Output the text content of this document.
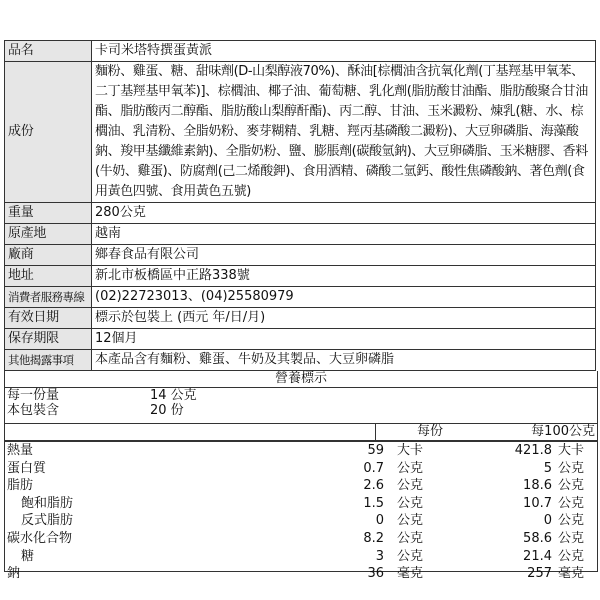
品名	卡司米塔特撰蛋黃派
成份	麵粉、雞蛋、糖、甜味劑(D-山梨醇液70%)、酥油[棕櫚油含抗氧化劑(丁基羥基甲氧苯、二丁基羥基甲氧苯)]、棕櫚油、椰子油、葡萄糖、乳化劑(脂肪酸甘油酯、脂肪酸聚合甘油酯、脂肪酸丙二醇酯、脂肪酸山梨醇酐酯)、丙二醇、甘油、玉米澱粉、煉乳(糖、水、棕櫚油、乳清粉、全脂奶粉、麥芽糊精、乳糖、羥丙基磷酸二澱粉)、大豆卵磷脂、海藻酸鈉、羧甲基纖維素鈉)、全脂奶粉、鹽、膨脹劑(碳酸氫鈉)、大豆卵磷脂、玉米糖膠、香料(牛奶、雞蛋)、防腐劑(己二烯酸鉀)、食用酒精、磷酸二氫鈣、酸性焦磷酸鈉、著色劑(食用黃色四號、食用黃色五號)
重量	280公克
原產地	越南
廠商	鄉春食品有限公司
地址	新北市板橋區中正路338號
消費者服務專線	(02)22723013、(04)25580979
有效日期	標示於包裝上 (西元 年/日/月)
保存期限	12個月
其他揭露事項	本產品含有麵粉、雞蛋、牛奶及其製品、大豆卵磷脂
營養標示
每一份量	14 公克
本包裝含	20 份
每份	每100公克
熱量	59 大卡	421.8 大卡
蛋白質	0.7 公克	5 公克
脂肪	2.6 公克	18.6 公克
飽和脂肪	1.5 公克	10.7 公克
反式脂肪	0 公克	0 公克
碳水化合物	8.2 公克	58.6 公克
糖	3 公克	21.4 公克
鈉	36 毫克	257 毫克
